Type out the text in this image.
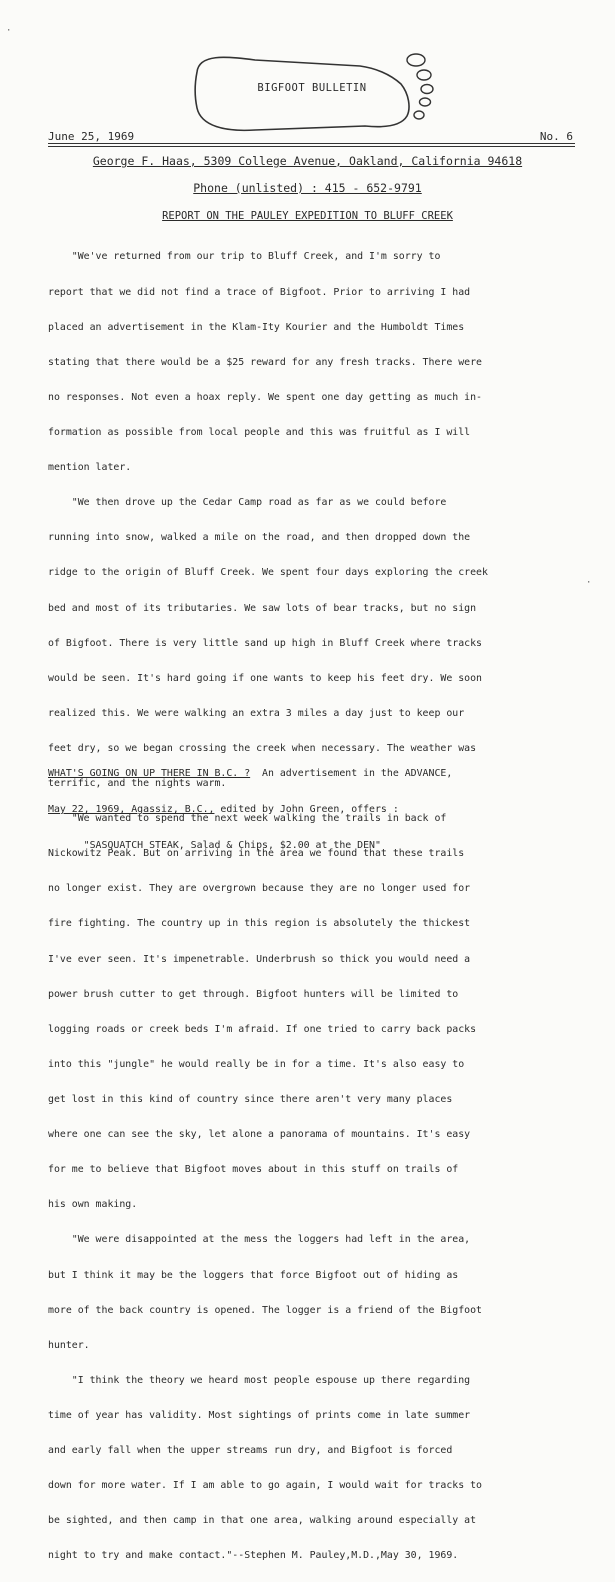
·
·
BIGFOOT BULLETIN
June 25, 1969	No. 6
George F. Haas, 5309 College Avenue, Oakland, California 94618
Phone (unlisted) : 415 - 652-9791
REPORT ON THE PAULEY EXPEDITION TO BLUFF CREEK

"We've returned from our trip to Bluff Creek, and I'm sorry to

report that we did not find a trace of Bigfoot. Prior to arriving I had

placed an advertisement in the Klam-Ity Kourier and the Humboldt Times

stating that there would be a $25 reward for any fresh tracks. There were

no responses. Not even a hoax reply. We spent one day getting as much in-

formation as possible from local people and this was fruitful as I will

mention later.

"We then drove up the Cedar Camp road as far as we could before

running into snow, walked a mile on the road, and then dropped down the

ridge to the origin of Bluff Creek. We spent four days exploring the creek

bed and most of its tributaries. We saw lots of bear tracks, but no sign

of Bigfoot. There is very little sand up high in Bluff Creek where tracks

would be seen. It's hard going if one wants to keep his feet dry. We soon

realized this. We were walking an extra 3 miles a day just to keep our

feet dry, so we began crossing the creek when necessary. The weather was

terrific, and the nights warm.

"We wanted to spend the next week walking the trails in back of

Nickowitz Peak. But on arriving in the area we found that these trails

no longer exist. They are overgrown because they are no longer used for

fire fighting. The country up in this region is absolutely the thickest

I've ever seen. It's impenetrable. Underbrush so thick you would need a

power brush cutter to get through. Bigfoot hunters will be limited to

logging roads or creek beds I'm afraid. If one tried to carry back packs

into this "jungle" he would really be in for a time. It's also easy to

get lost in this kind of country since there aren't very many places

where one can see the sky, let alone a panorama of mountains. It's easy

for me to believe that Bigfoot moves about in this stuff on trails of

his own making.

"We were disappointed at the mess the loggers had left in the area,

but I think it may be the loggers that force Bigfoot out of hiding as

more of the back country is opened. The logger is a friend of the Bigfoot

hunter.

"I think the theory we heard most people espouse up there regarding

time of year has validity. Most sightings of prints come in late summer

and early fall when the upper streams run dry, and Bigfoot is forced

down for more water. If I am able to go again, I would wait for tracks to

be sighted, and then camp in that one area, walking around especially at

night to try and make contact."--Stephen M. Pauley,M.D.,May 30, 1969.

WHAT'S GOING ON UP THERE IN B.C. ?  An advertisement in the ADVANCE,

May 22, 1969, Agassiz, B.C., edited by John Green, offers :

"SASQUATCH STEAK, Salad & Chips, $2.00 at the DEN"
